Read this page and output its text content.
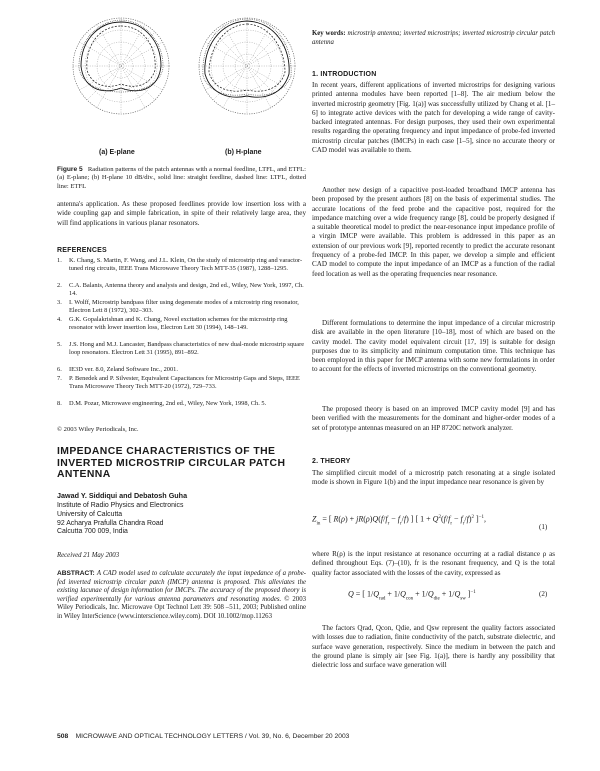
(a) E-plane	(b) H-plane
Figure 5 Radiation patterns of the patch antennas with a normal feedline, LTFL, and ETFL: (a) E-plane; (b) H-plane 10 dB/div., solid line: straight feedline, dashed line: LTFL, dotted line: ETFL

antenna's application. As these proposed feedlines provide low insertion loss with a wide coupling gap and simple fabrication, in spite of their relatively large area, they will find applications in various planar resonators.

REFERENCES
1. K. Chang, S. Martin, F. Wang, and J.L. Klein, On the study of microstrip ring and varactor-tuned ring circuits, IEEE Trans Microwave Theory Tech MTT-35 (1987), 1288–1295.
2. C.A. Balanis, Antenna theory and analysis and design, 2nd ed., Wiley, New York, 1997, Ch. 14.
3. I. Wolff, Microstrip bandpass filter using degenerate modes of a microstrip ring resonator, Electron Lett 8 (1972), 302–303.
4. G.K. Gopalakrishnan and K. Chang, Novel excitation schemes for the microstrip ring resonator with lower insertion loss, Electron Lett 30 (1994), 148–149.
5. J.S. Hong and M.J. Lancaster, Bandpass characteristics of new dual-mode microstrip square loop resonators. Electron Lett 31 (1995), 891–892.
6. IE3D ver. 8.0, Zeland Software Inc., 2001.
7. P. Benedek and P. Silvester, Equivalent Capacitances for Microstrip Gaps and Steps, IEEE Trans Microwave Theory Tech MTT-20 (1972), 729–733.
8. D.M. Pozar, Microwave engineering, 2nd ed., Wiley, New York, 1998, Ch. 5.
© 2003 Wiley Periodicals, Inc.
IMPEDANCE CHARACTERISTICS OF THE INVERTED MICROSTRIP CIRCULAR PATCH ANTENNA
Jawad Y. Siddiqui and Debatosh Guha
Institute of Radio Physics and Electronics
University of Calcutta
92 Acharya Prafulla Chandra Road
Calcutta 700 009, India
Received 21 May 2003

ABSTRACT: A CAD model used to calculate accurately the input impedance of a probe-fed inverted microstrip circular patch (IMCP) antenna is proposed. This alleviates the existing lacunae of design information for IMCPs. The accuracy of the proposed theory is verified experimentally for various antenna parameters and resonating modes. © 2003 Wiley Periodicals, Inc. Microwave Opt Technol Lett 39: 508 –511, 2003; Published online in Wiley InterScience (www.interscience.wiley.com). DOI 10.1002/mop.11263

Key words: microstrip antenna; inverted microstrips; inverted microstrip circular patch antenna

1. INTRODUCTION

In recent years, different applications of inverted microstrips for designing various printed antenna modules have been reported [1–8]. The air medium below the inverted microstrip geometry [Fig. 1(a)] was successfully utilized by Chang et al. [1–6] to integrate active devices with the patch for developing a wide range of cavity-backed integrated antennas. For design purposes, they used their own experimental results regarding the operating frequency and input impedance of probe-fed inverted microstrip circular patches (IMCPs) in each case [1–5], since no accurate theory or CAD model was available to them.

Another new design of a capacitive post-loaded broadband IMCP antenna has been proposed by the present authors [8] on the basis of experimental studies. The accurate locations of the feed probe and the capacitive post, required for the impedance matching over a wide frequency range [8], could be properly designed if a suitable theoretical model to predict the near-resonance input impedance profile of a virgin IMCP were available. This problem is addressed in this paper as an extension of our previous work [9], reported recently to predict the accurate resonant frequency of a probe-fed IMCP. In this paper, we develop a simple and efficient CAD model to compute the input impedance of an IMCP as a function of the radial feed location as well as the operating frequencies near resonance.

Different formulations to determine the input impedance of a circular microstrip disk are available in the open literature [10–18], most of which are based on the cavity model. The cavity model equivalent circuit [17, 19] is suitable for design purposes due to its simplicity and minimum computation time. This technique has been employed in this paper for IMCP antenna with some new formulations in order to account for the effects of inverted microstrips on the conventional geometry.

The proposed theory is based on an improved IMCP cavity model [9] and has been verified with the measurements for the dominant and higher-order modes of a set of prototype antennas measured on an HP 8720C network analyzer.

2. THEORY

The simplified circuit model of a microstrip patch resonating at a single isolated mode is shown in Figure 1(b) and the input impedance near resonance is given by

$Z_{in}$ = [ $R(\rho) + jR(\rho)Q(f/f_r - f_r/f)$ ] [ $1 + Q^2(f/f_r - f_r/f)^2$ ]$^{-1}$,
(1)

where R(ρ) is the input resistance at resonance occurring at a radial distance ρ as defined throughout Eqs. (7)–(10), fr is the resonant frequency, and Q is the total quality factor associated with the losses of the cavity, expressed as

Q = [ $1/Q_{rad} + 1/Q_{con} + 1/Q_{die} + 1/Q_{sw}$ ]$^{-1}$	(2)

The factors Qrad, Qcon, Qdie, and Qsw represent the quality factors associated with losses due to radiation, finite conductivity of the patch, substrate dielectric, and surface wave generation, respectively. Since the medium in between the patch and the ground plane is simply air [see Fig. 1(a)], there is hardly any possibility that dielectric loss and surface wave generation will

508 MICROWAVE AND OPTICAL TECHNOLOGY LETTERS / Vol. 39, No. 6, December 20 2003
